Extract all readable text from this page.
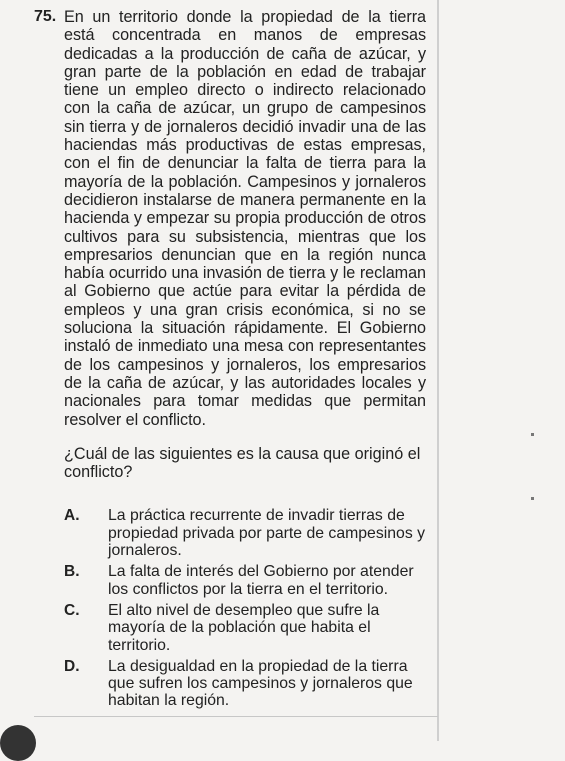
75. En un territorio donde la propiedad de la tierra está concentrada en manos de empresas dedicadas a la producción de caña de azúcar, y gran parte de la población en edad de trabajar tiene un empleo directo o indirecto relacionado con la caña de azúcar, un grupo de campesinos sin tierra y de jornaleros decidió invadir una de las haciendas más productivas de estas empresas, con el fin de denunciar la falta de tierra para la mayoría de la población. Campesinos y jornaleros decidieron instalarse de manera permanente en la hacienda y empezar su propia producción de otros cultivos para su subsistencia, mientras que los empresarios denuncian que en la región nunca había ocurrido una invasión de tierra y le reclaman al Gobierno que actúe para evitar la pérdida de empleos y una gran crisis económica, si no se soluciona la situación rápidamente. El Gobierno instaló de inmediato una mesa con representantes de los campesinos y jornaleros, los empresarios de la caña de azúcar, y las autoridades locales y nacionales para tomar medidas que permitan resolver el conflicto.
¿Cuál de las siguientes es la causa que originó el conflicto?
A.	La práctica recurrente de invadir tierras de propiedad privada por parte de campesinos y jornaleros.
B.	La falta de interés del Gobierno por atender los conflictos por la tierra en el territorio.
C.	El alto nivel de desempleo que sufre la mayoría de la población que habita el territorio.
D.	La desigualdad en la propiedad de la tierra que sufren los campesinos y jornaleros que habitan la región.
